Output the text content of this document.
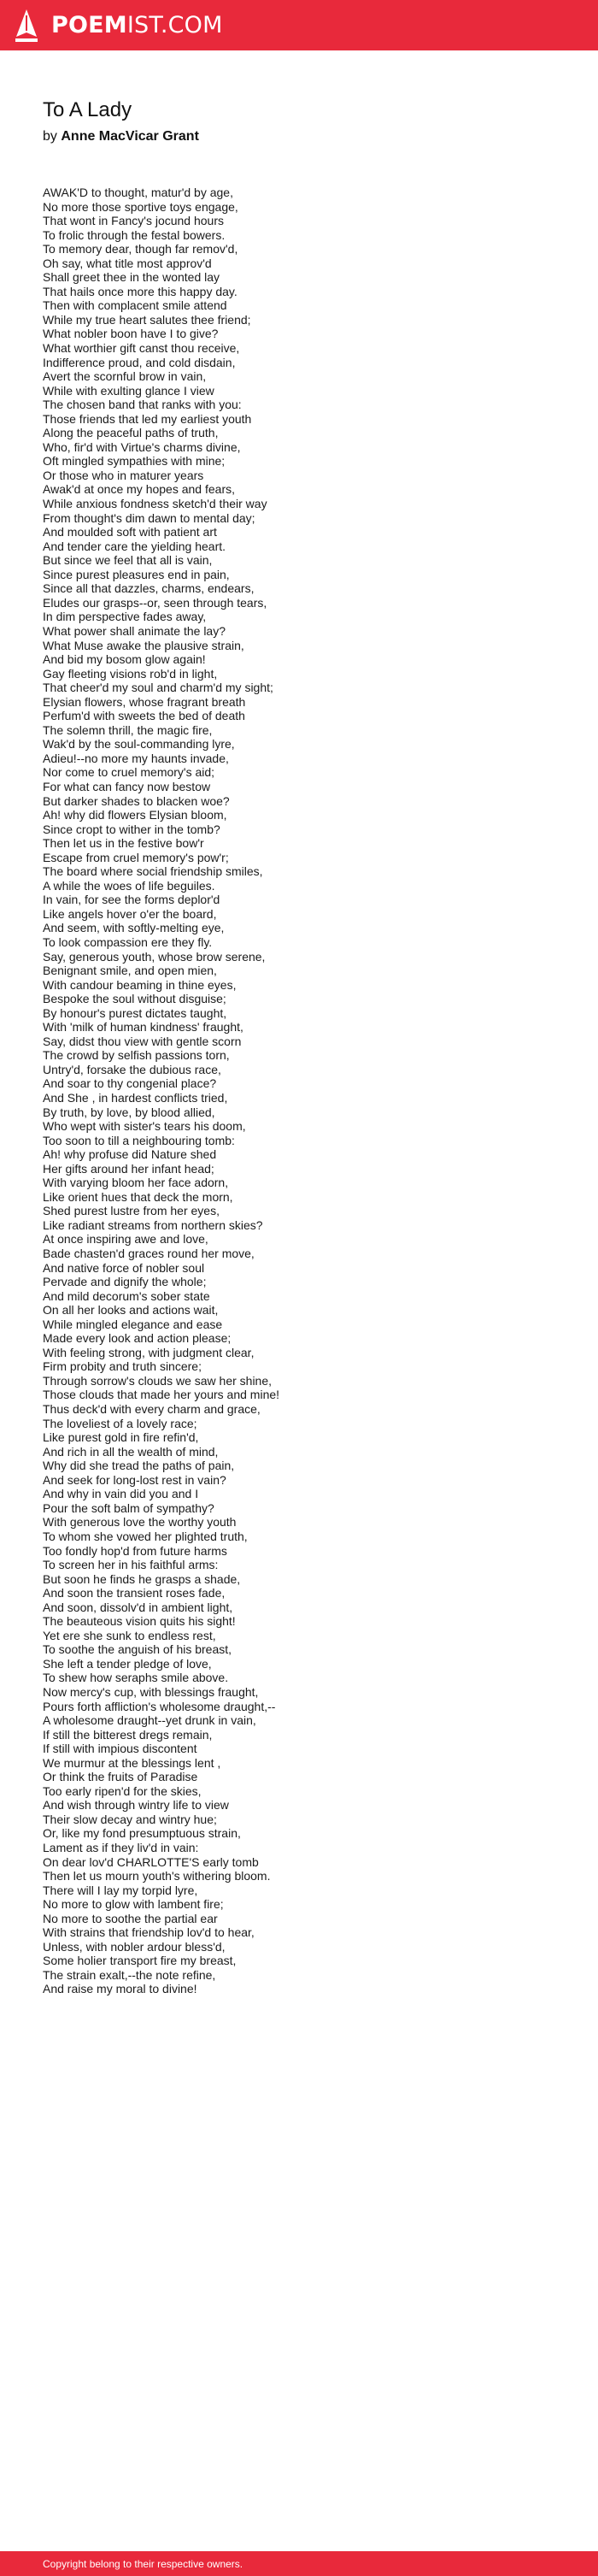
POEMIST.COM
To A Lady
by Anne MacVicar Grant
AWAK'D to thought, matur'd by age,
No more those sportive toys engage,
That wont in Fancy's jocund hours
To frolic through the festal bowers.
To memory dear, though far remov'd,
Oh say, what title most approv'd
Shall greet thee in the wonted lay
That hails once more this happy day.
Then with complacent smile attend
While my true heart salutes thee friend;
What nobler boon have I to give?
What worthier gift canst thou receive,
Indifference proud, and cold disdain,
Avert the scornful brow in vain,
While with exulting glance I view
The chosen band that ranks with you:
Those friends that led my earliest youth
Along the peaceful paths of truth,
Who, fir'd with Virtue's charms divine,
Oft mingled sympathies with mine;
Or those who in maturer years
Awak'd at once my hopes and fears,
While anxious fondness sketch'd their way
From thought's dim dawn to mental day;
And moulded soft with patient art
And tender care the yielding heart.
But since we feel that all is vain,
Since purest pleasures end in pain,
Since all that dazzles, charms, endears,
Eludes our grasps--or, seen through tears,
In dim perspective fades away,
What power shall animate the lay?
What Muse awake the plausive strain,
And bid my bosom glow again!
Gay fleeting visions rob'd in light,
That cheer'd my soul and charm'd my sight;
Elysian flowers, whose fragrant breath
Perfum'd with sweets the bed of death
The solemn thrill, the magic fire,
Wak'd by the soul-commanding lyre,
Adieu!--no more my haunts invade,
Nor come to cruel memory's aid;
For what can fancy now bestow
But darker shades to blacken woe?
Ah! why did flowers Elysian bloom,
Since cropt to wither in the tomb?
Then let us in the festive bow'r
Escape from cruel memory's pow'r;
The board where social friendship smiles,
A while the woes of life beguiles.
In vain, for see the forms deplor'd
Like angels hover o'er the board,
And seem, with softly-melting eye,
To look compassion ere they fly.
Say, generous youth, whose brow serene,
Benignant smile, and open mien,
With candour beaming in thine eyes,
Bespoke the soul without disguise;
By honour's purest dictates taught,
With 'milk of human kindness' fraught,
Say, didst thou view with gentle scorn
The crowd by selfish passions torn,
Untry'd, forsake the dubious race,
And soar to thy congenial place?
And She , in hardest conflicts tried,
By truth, by love, by blood allied,
Who wept with sister's tears his doom,
Too soon to till a neighbouring tomb:
Ah! why profuse did Nature shed
Her gifts around her infant head;
With varying bloom her face adorn,
Like orient hues that deck the morn,
Shed purest lustre from her eyes,
Like radiant streams from northern skies?
At once inspiring awe and love,
Bade chasten'd graces round her move,
And native force of nobler soul
Pervade and dignify the whole;
And mild decorum's sober state
On all her looks and actions wait,
While mingled elegance and ease
Made every look and action please;
With feeling strong, with judgment clear,
Firm probity and truth sincere;
Through sorrow's clouds we saw her shine,
Those clouds that made her yours and mine!
Thus deck'd with every charm and grace,
The loveliest of a lovely race;
Like purest gold in fire refin'd,
And rich in all the wealth of mind,
Why did she tread the paths of pain,
And seek for long-lost rest in vain?
And why in vain did you and I
Pour the soft balm of sympathy?
With generous love the worthy youth
To whom she vowed her plighted truth,
Too fondly hop'd from future harms
To screen her in his faithful arms:
But soon he finds he grasps a shade,
And soon the transient roses fade,
And soon, dissolv'd in ambient light,
The beauteous vision quits his sight!
Yet ere she sunk to endless rest,
To soothe the anguish of his breast,
She left a tender pledge of love,
To shew how seraphs smile above.
Now mercy's cup, with blessings fraught,
Pours forth affliction's wholesome draught,--
A wholesome draught--yet drunk in vain,
If still the bitterest dregs remain,
If still with impious discontent
We murmur at the blessings lent ,
Or think the fruits of Paradise
Too early ripen'd for the skies,
And wish through wintry life to view
Their slow decay and wintry hue;
Or, like my fond presumptuous strain,
Lament as if they liv'd in vain:
On dear lov'd CHARLOTTE'S early tomb
Then let us mourn youth's withering bloom.
There will I lay my torpid lyre,
No more to glow with lambent fire;
No more to soothe the partial ear
With strains that friendship lov'd to hear,
Unless, with nobler ardour bless'd,
Some holier transport fire my breast,
The strain exalt,--the note refine,
And raise my moral to divine!
Copyright belong to their respective owners.
